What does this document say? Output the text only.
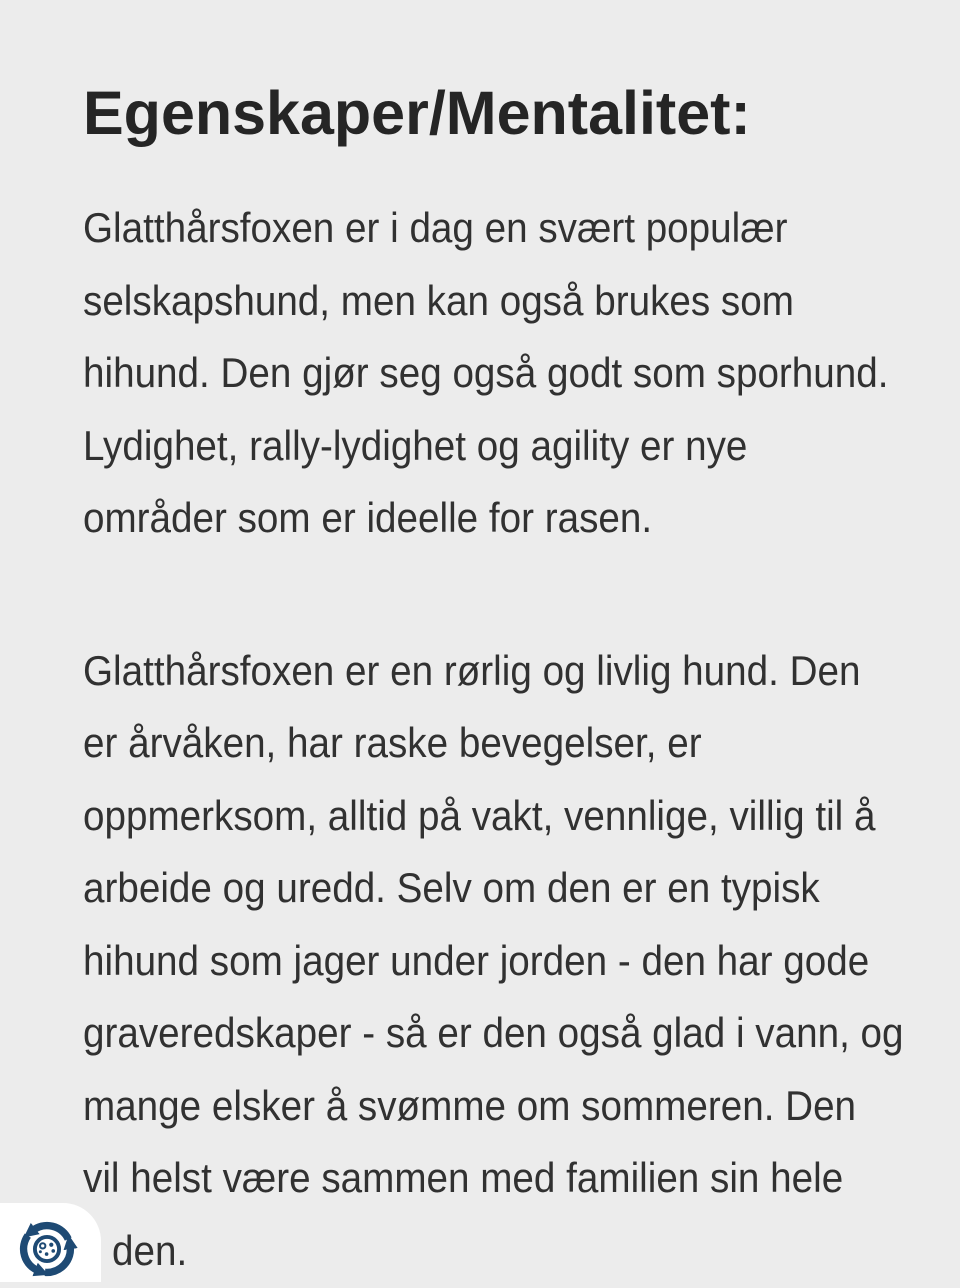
Egenskaper/Mentalitet:
Glatthårsfoxen er i dag en svært populær
selskapshund, men kan også brukes som
hihund. Den gjør seg også godt som sporhund.
Lydighet, rally-lydighet og agility er nye
områder som er ideelle for rasen.
Glatthårsfoxen er en rørlig og livlig hund. Den
er årvåken, har raske bevegelser, er
oppmerksom, alltid på vakt, vennlige, villig til å
arbeide og uredd. Selv om den er en typisk
hihund som jager under jorden - den har gode
graveredskaper - så er den også glad i vann, og
mange elsker å svømme om sommeren. Den
vil helst være sammen med familien sin hele
den.
